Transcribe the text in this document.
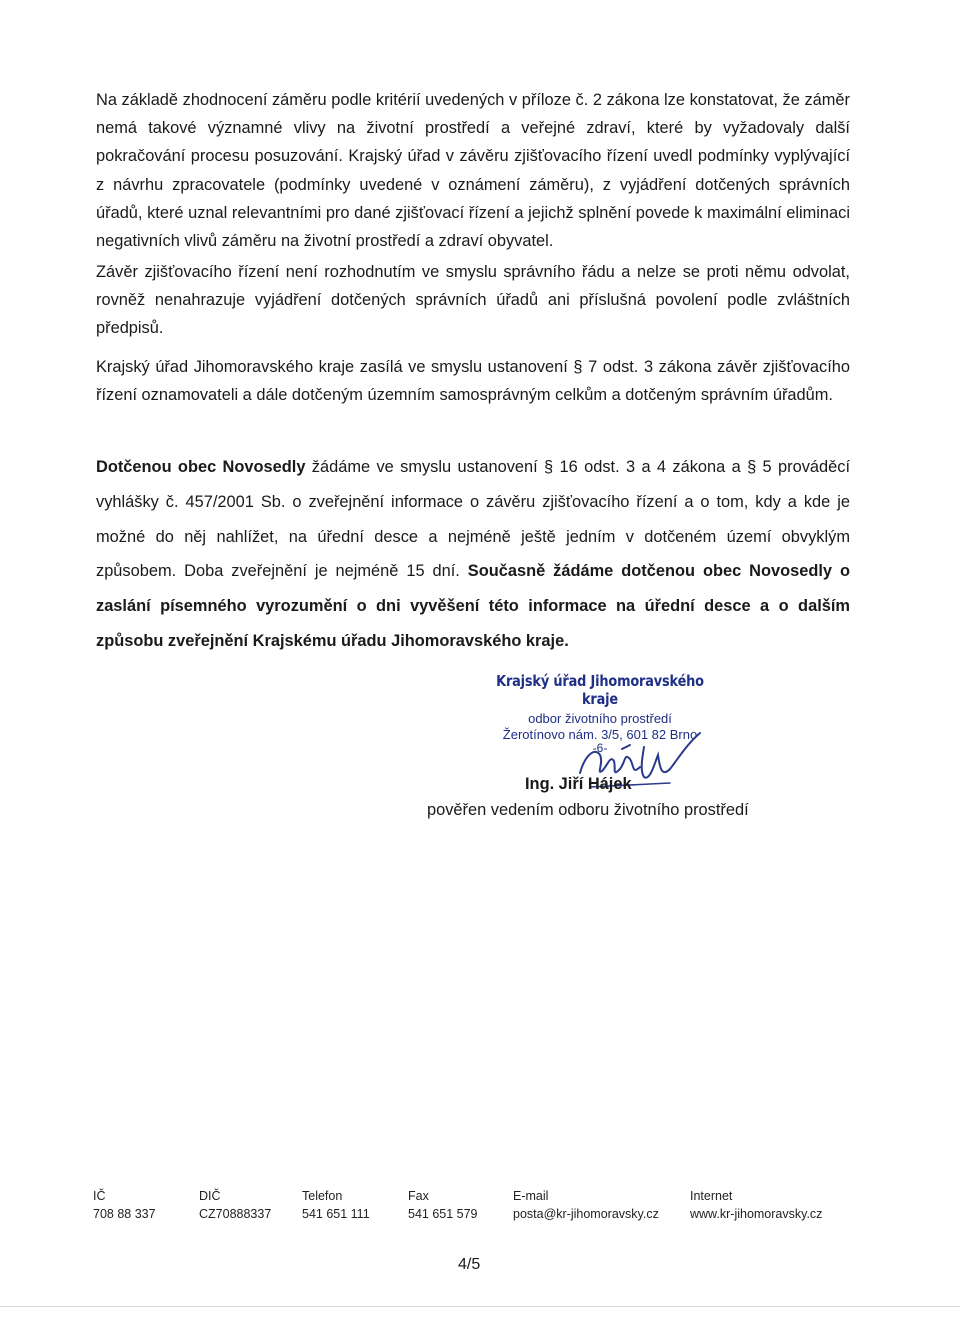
Na základě zhodnocení záměru podle kritérií uvedených v příloze č. 2 zákona lze konstatovat, že záměr nemá takové významné vlivy na životní prostředí a veřejné zdraví, které by vyžadovaly další pokračování procesu posuzování. Krajský úřad v závěru zjišťovacího řízení uvedl podmínky vyplývající z návrhu zpracovatele (podmínky uvedené v oznámení záměru), z vyjádření dotčených správních úřadů, které uznal relevantními pro dané zjišťovací řízení a jejichž splnění povede k maximální eliminaci negativních vlivů záměru na životní prostředí a zdraví obyvatel.

Závěr zjišťovacího řízení není rozhodnutím ve smyslu správního řádu a nelze se proti němu odvolat, rovněž nenahrazuje vyjádření dotčených správních úřadů ani příslušná povolení podle zvláštních předpisů.

Krajský úřad Jihomoravského kraje zasílá ve smyslu ustanovení § 7 odst. 3 zákona závěr zjišťovacího řízení oznamovateli a dále dotčeným územním samosprávným celkům a dotčeným správním úřadům.

Dotčenou obec Novosedly žádáme ve smyslu ustanovení § 16 odst. 3 a 4 zákona a § 5 prováděcí vyhlášky č. 457/2001 Sb. o zveřejnění informace o závěru zjišťovacího řízení a o tom, kdy a kde je možné do něj nahlížet, na úřední desce a nejméně ještě jedním v dotčeném území obvyklým způsobem. Doba zveřejnění je nejméně 15 dní. Současně žádáme dotčenou obec Novosedly o zaslání písemného vyrozumění o dni vyvěšení této informace na úřední desce a o dalším způsobu zveřejnění Krajskému úřadu Jihomoravského kraje.

Krajský úřad Jihomoravského kraje
odbor životního prostředí
Žerotínovo nám. 3/5, 601 82 Brno
-6-
Ing. Jiří Hájek
pověřen vedením odboru životního prostředí
IČ
708 88 337
DIČ
CZ70888337
Telefon
541 651 111
Fax
541 651 579
E-mail
posta@kr-jihomoravsky.cz
Internet
www.kr-jihomoravsky.cz
4/5
